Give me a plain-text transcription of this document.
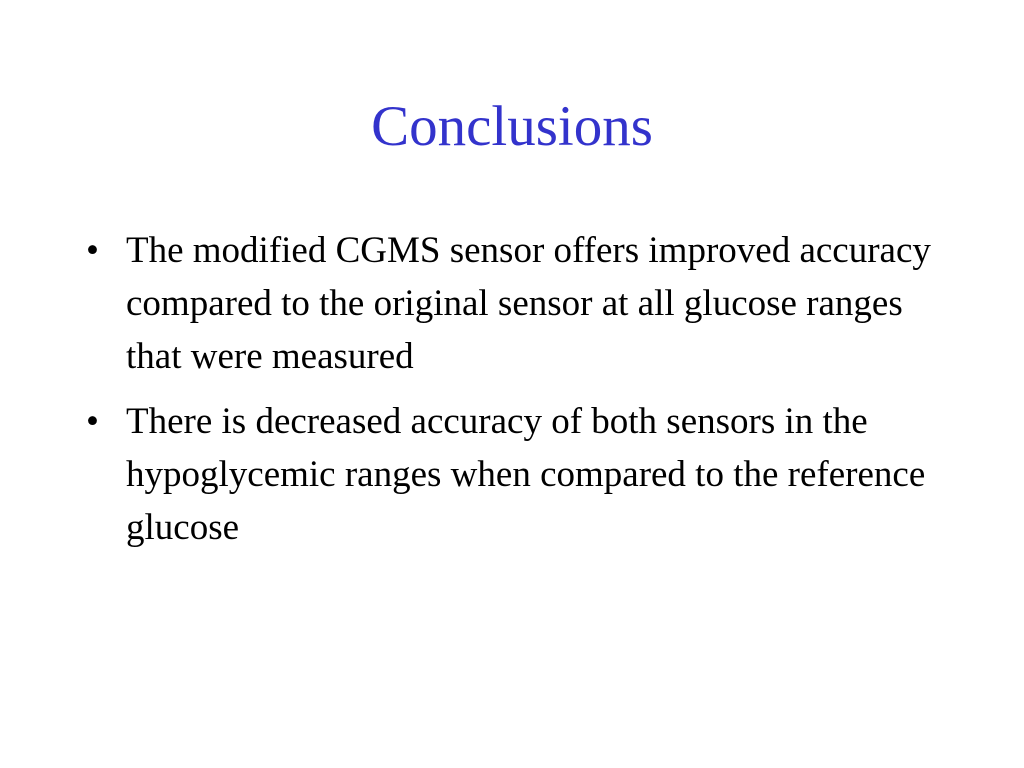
Conclusions
• The modified CGMS sensor offers improved accuracy compared to the original sensor at all glucose ranges that were measured
• There is decreased accuracy of both sensors in the hypoglycemic ranges when compared to the reference glucose
